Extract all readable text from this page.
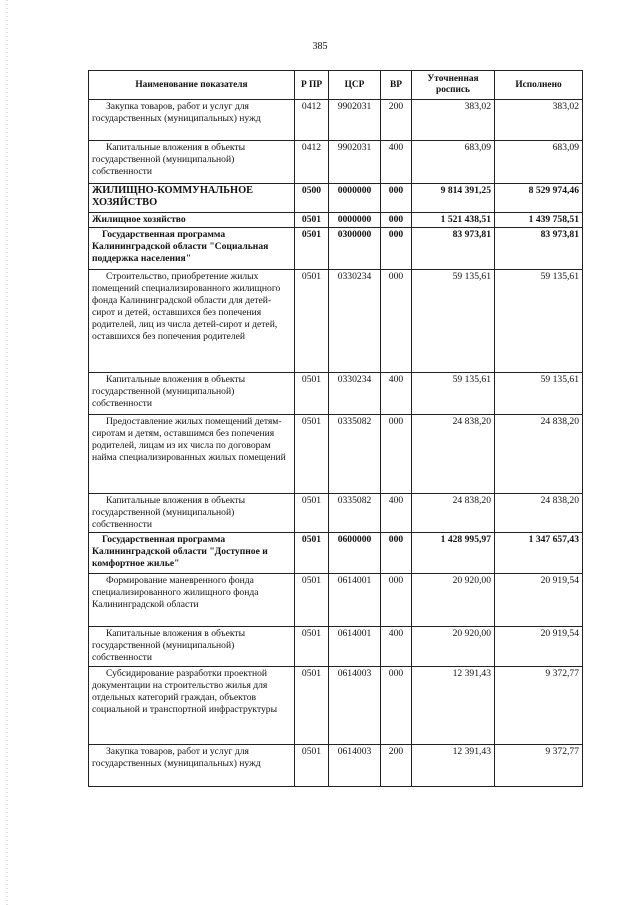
385
Наименование показателя	Р ПР	ЦСР	ВР	Уточненная роспись	Исполнено
Закупка товаров, работ и услуг для государственных (муниципальных) нужд	0412	9902031	200	383,02	383,02
Капитальные вложения в объекты государственной (муниципальной) собственности	0412	9902031	400	683,09	683,09
ЖИЛИЩНО-КОММУНАЛЬНОЕ ХОЗЯЙСТВО	0500	0000000	000	9 814 391,25	8 529 974,46
Жилищное хозяйство	0501	0000000	000	1 521 438,51	1 439 758,51
Государственная программа Калининградской области "Социальная поддержка населения"	0501	0300000	000	83 973,81	83 973,81
Строительство, приобретение жилых помещений специализированного жилищного фонда Калининградской области для детей-сирот и детей, оставшихся без попечения родителей, лиц из числа детей-сирот и детей, оставшихся без попечения родителей	0501	0330234	000	59 135,61	59 135,61
Капитальные вложения в объекты государственной (муниципальной) собственности	0501	0330234	400	59 135,61	59 135,61
Предоставление жилых помещений детям-сиротам и детям, оставшимся без попечения родителей, лицам из их числа по договорам найма специализированных жилых помещений	0501	0335082	000	24 838,20	24 838,20
Капитальные вложения в объекты государственной (муниципальной) собственности	0501	0335082	400	24 838,20	24 838,20
Государственная программа Калининградской области "Доступное и комфортное жилье"	0501	0600000	000	1 428 995,97	1 347 657,43
Формирование маневренного фонда специализированного жилищного фонда Калининградской области	0501	0614001	000	20 920,00	20 919,54
Капитальные вложения в объекты государственной (муниципальной) собственности	0501	0614001	400	20 920,00	20 919,54
Субсидирование разработки проектной документации на строительство жилья для отдельных категорий граждан, объектов социальной и транспортной инфраструктуры	0501	0614003	000	12 391,43	9 372,77
Закупка товаров, работ и услуг для государственных (муниципальных) нужд	0501	0614003	200	12 391,43	9 372,77
